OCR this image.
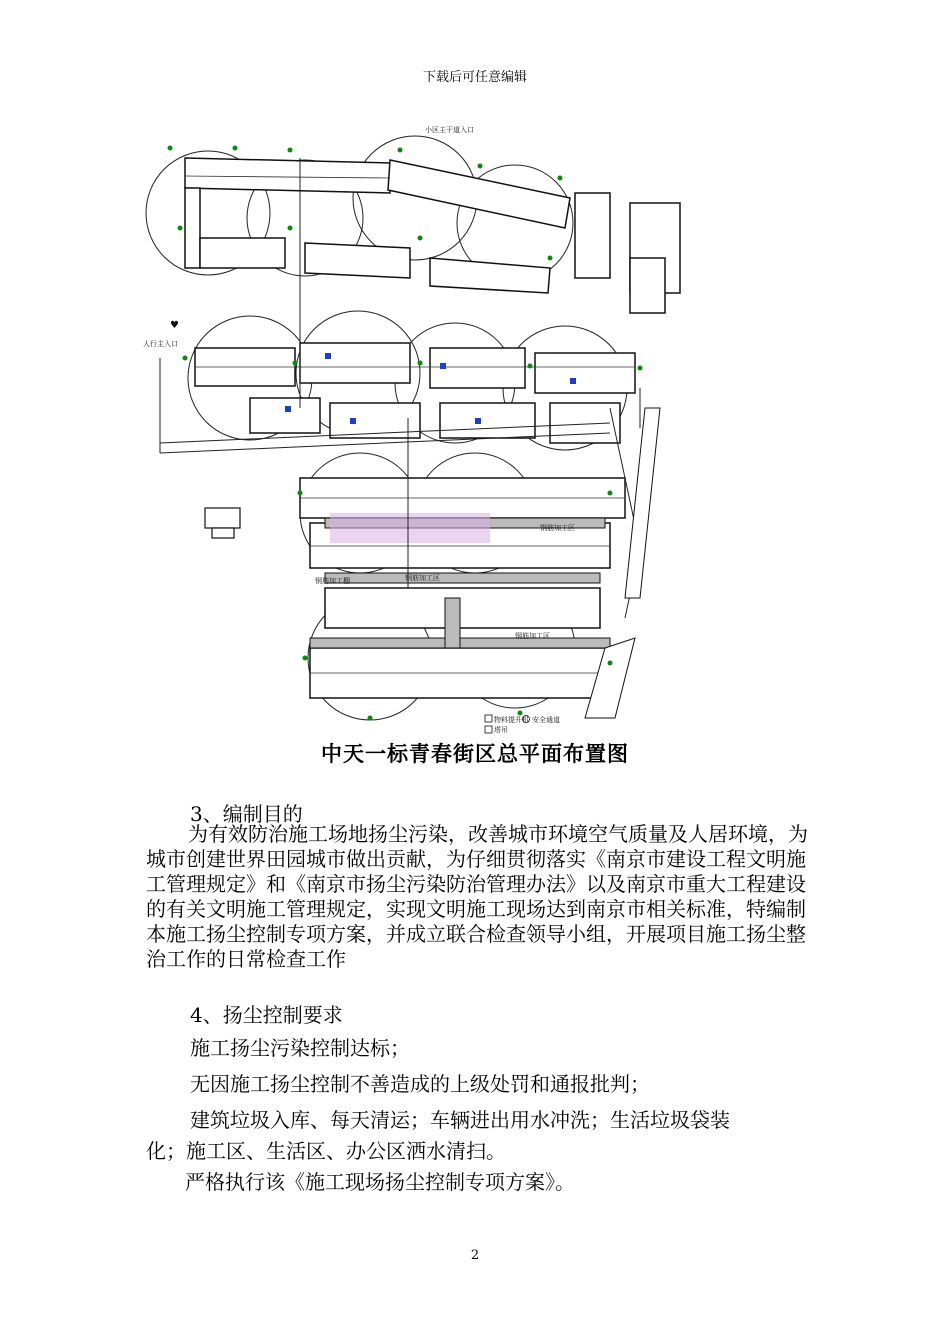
下载后可任意编辑
小区主干道入口
人行主入口
钢筋加工棚	钢筋加工区
钢筋加工区
钢筋加工区
物料提升机
塔吊
安全通道
♥
中天一标青春街区总平面布置图
3、编制目的
为有效防治施工场地扬尘污染，改善城市环境空气质量及人居环境，为城市创建世界田园城市做出贡献，为仔细贯彻落实《南京市建设工程文明施工管理规定》和《南京市扬尘污染防治管理办法》以及南京市重大工程建设的有关文明施工管理规定，实现文明施工现场达到南京市相关标准，特编制本施工扬尘控制专项方案，并成立联合检查领导小组，开展项目施工扬尘整治工作的日常检查工作
4、扬尘控制要求
施工扬尘污染控制达标；
无因施工扬尘控制不善造成的上级处罚和通报批判；
建筑垃圾入库、每天清运；车辆进出用水冲洗；生活垃圾袋装
化；施工区、生活区、办公区洒水清扫。
严格执行该《施工现场扬尘控制专项方案》。
2
